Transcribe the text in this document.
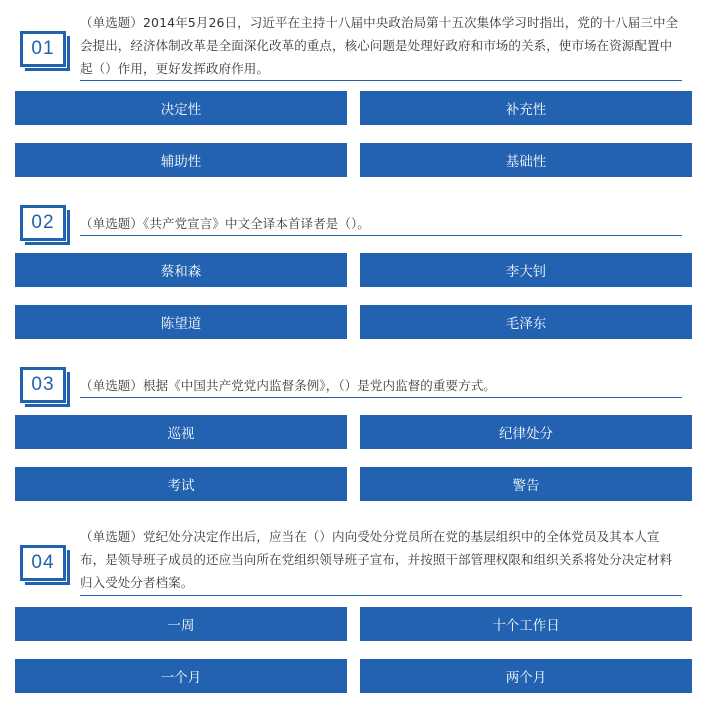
01
（单选题）2014年5月26日，习近平在主持十八届中央政治局第十五次集体学习时指出，党的十八届三中全会提出，经济体制改革是全面深化改革的重点，核心问题是处理好政府和市场的关系，使市场在资源配置中起（）作用，更好发挥政府作用。
决定性	补充性
辅助性	基础性
02 （单选题）《共产党宣言》中文全译本首译者是（）。
蔡和森	李大钊
陈望道	毛泽东
03 （单选题）根据《中国共产党党内监督条例》，（）是党内监督的重要方式。
巡视	纪律处分
考试	警告
04
（单选题）党纪处分决定作出后，应当在（）内向受处分党员所在党的基层组织中的全体党员及其本人宣布，是领导班子成员的还应当向所在党组织领导班子宣布，并按照干部管理权限和组织关系将处分决定材料归入受处分者档案。
一周	十个工作日
一个月	两个月
